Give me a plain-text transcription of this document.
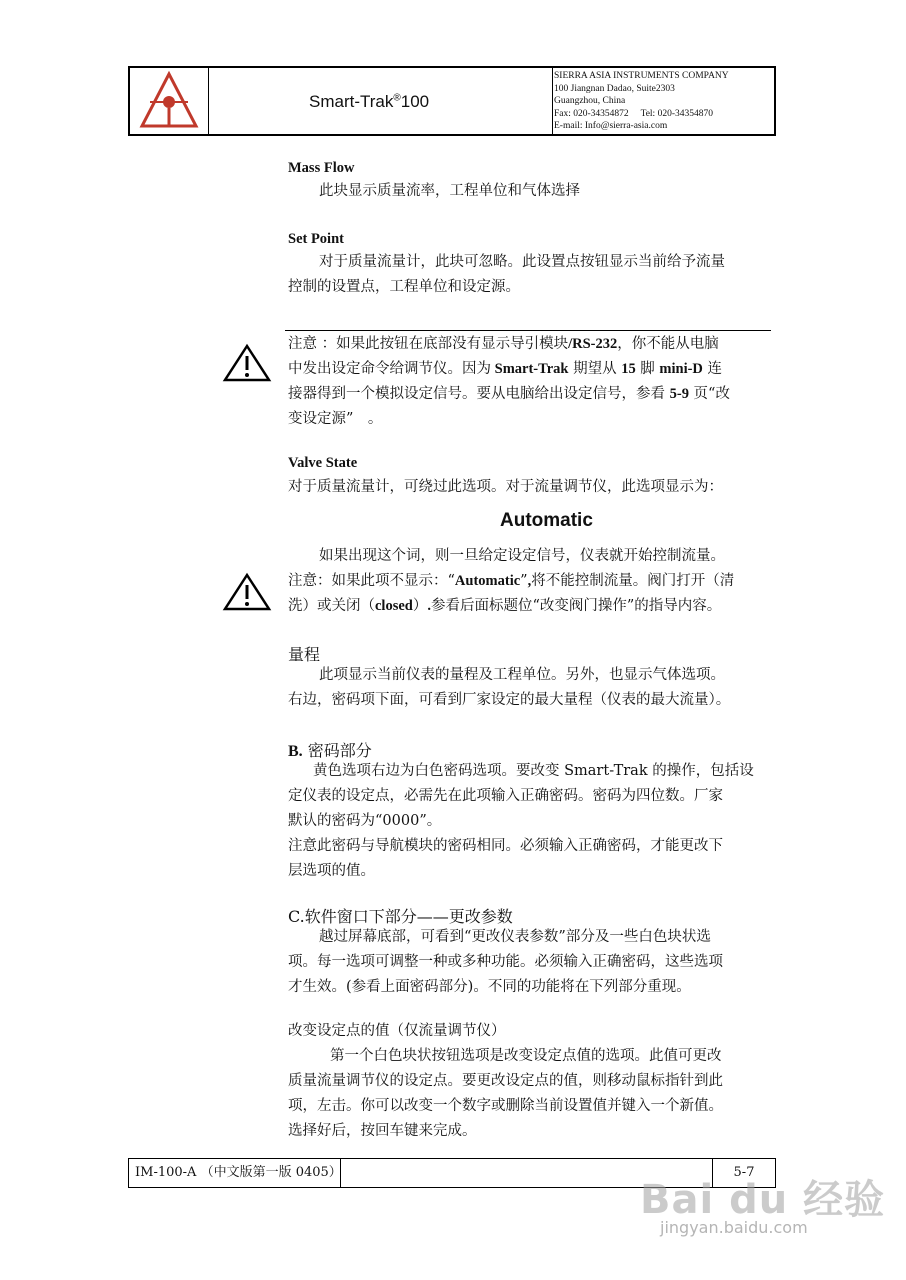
Smart-Trak®100
SIERRA ASIA INSTRUMENTS COMPANY
100 Jiangnan Dadao, Suite2303
Guangzhou, China
Fax: 020-34354872 Tel: 020-34354870
E-mail: Info@sierra-asia.com
Mass Flow
此块显示质量流率，工程单位和气体选择
Set Point
对于质量流量计，此块可忽略。此设置点按钮显示当前给予流量
控制的设置点，工程单位和设定源。
注意 ：如果此按钮在底部没有显示导引模块/RS-232，你不能从电脑
中发出设定命令给调节仪。因为 Smart-Trak 期望从 15 脚 mini-D 连
接器得到一个模拟设定信号。要从电脑给出设定信号，参看 5-9 页“改
变设定源”　。
Valve State
对于质量流量计，可绕过此选项。对于流量调节仪，此选项显示为：
Automatic
如果出现这个词，则一旦给定设定信号，仪表就开始控制流量。
注意：如果此项不显示：“Automatic”,将不能控制流量。阀门打开（清
洗）或关闭（closed）.参看后面标题位“改变阀门操作”的指导内容。
量程
此项显示当前仪表的量程及工程单位。另外，也显示气体选项。
右边，密码项下面，可看到厂家设定的最大量程（仪表的最大流量）。
B. 密码部分
黄色选项右边为白色密码选项。要改变 Smart-Trak 的操作，包括设
定仪表的设定点，必需先在此项输入正确密码。密码为四位数。厂家
默认的密码为“0000”。
注意此密码与导航模块的密码相同。必须输入正确密码，才能更改下
层选项的值。
C.软件窗口下部分——更改参数
越过屏幕底部，可看到“更改仪表参数”部分及一些白色块状选
项。每一选项可调整一种或多种功能。必须输入正确密码，这些选项
才生效。(参看上面密码部分)。不同的功能将在下列部分重现。
改变设定点的值（仅流量调节仪）
第一个白色块状按钮选项是改变设定点值的选项。此值可更改
质量流量调节仪的设定点。要更改设定点的值，则移动鼠标指针到此
项，左击。你可以改变一个数字或删除当前设置值并键入一个新值。
选择好后，按回车键来完成。
IM-100-A （中文版第一版 0405）	5-7
Bai du 经验
jingyan.baidu.com
